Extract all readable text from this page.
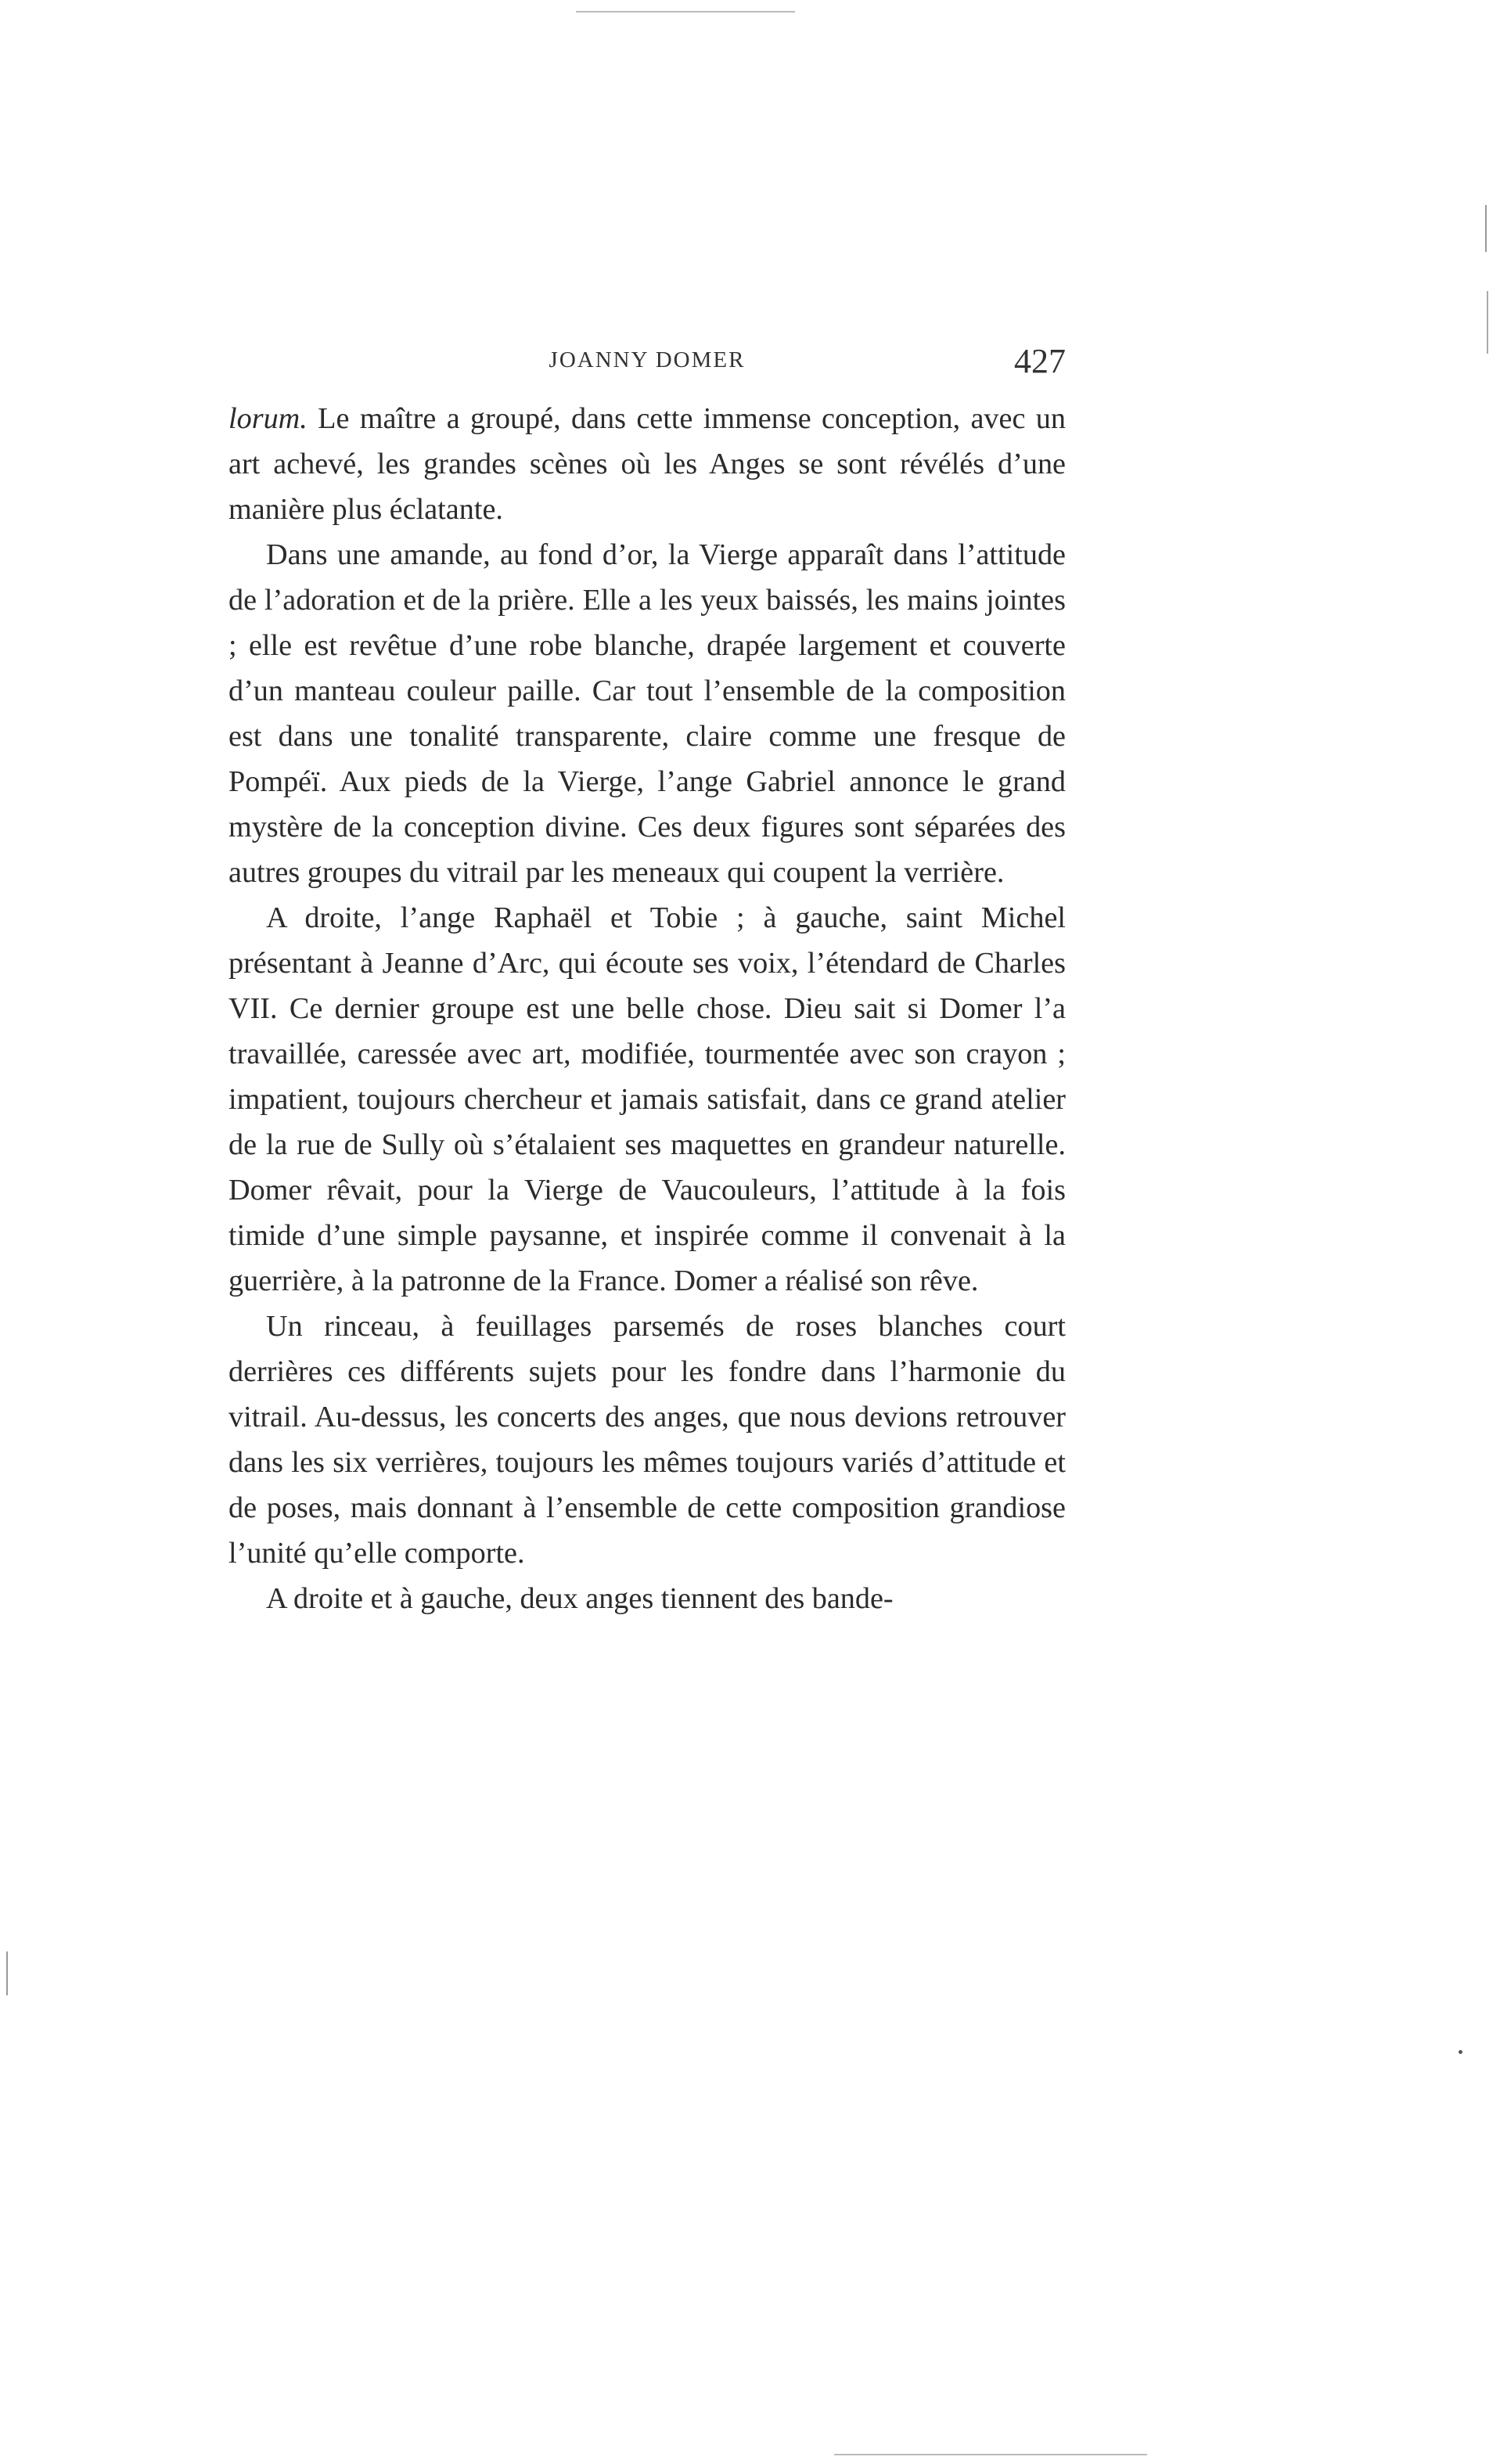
JOANNY DOMER	427

lorum. Le maître a groupé, dans cette immense conception, avec un art achevé, les grandes scènes où les Anges se sont révélés d’une manière plus éclatante.

Dans une amande, au fond d’or, la Vierge apparaît dans l’attitude de l’adoration et de la prière. Elle a les yeux baissés, les mains jointes ; elle est revêtue d’une robe blanche, drapée largement et couverte d’un manteau couleur paille. Car tout l’ensemble de la composition est dans une tonalité transparente, claire comme une fresque de Pompéï. Aux pieds de la Vierge, l’ange Gabriel annonce le grand mystère de la conception divine. Ces deux figures sont séparées des autres groupes du vitrail par les meneaux qui coupent la verrière.

A droite, l’ange Raphaël et Tobie ; à gauche, saint Michel présentant à Jeanne d’Arc, qui écoute ses voix, l’étendard de Charles VII. Ce dernier groupe est une belle chose. Dieu sait si Domer l’a travaillée, caressée avec art, modifiée, tourmentée avec son crayon ; impatient, toujours chercheur et jamais satisfait, dans ce grand atelier de la rue de Sully où s’étalaient ses maquettes en grandeur naturelle. Domer rêvait, pour la Vierge de Vaucouleurs, l’attitude à la fois timide d’une simple paysanne, et inspirée comme il convenait à la guerrière, à la patronne de la France. Domer a réalisé son rêve.

Un rinceau, à feuillages parsemés de roses blanches court derrières ces différents sujets pour les fondre dans l’harmonie du vitrail. Au-dessus, les concerts des anges, que nous devions retrouver dans les six verrières, toujours les mêmes toujours variés d’attitude et de poses, mais donnant à l’ensemble de cette composition grandiose l’unité qu’elle comporte.

A droite et à gauche, deux anges tiennent des bande-
